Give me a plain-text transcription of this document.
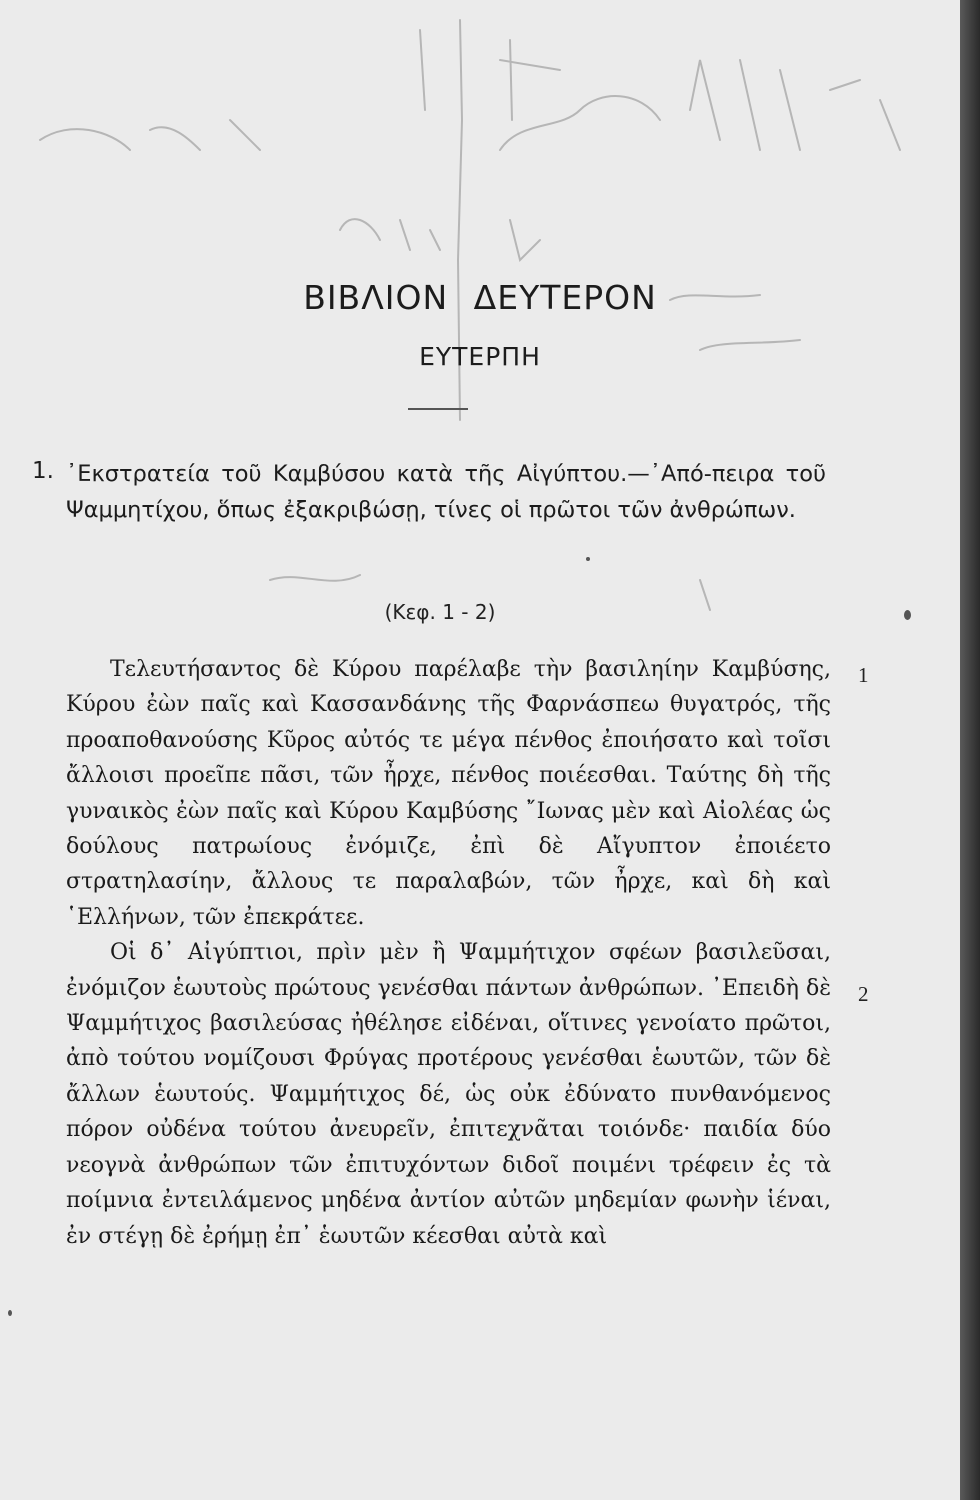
ΒΙΒΛΙΟΝ ΔΕΥΤΕΡΟΝ
ΕΥΤΕΡΠΗ
1. ᾿Εκστρατεία τοῦ Καμβύσου κατὰ τῆς Αἰγύπτου.—᾿Από-πειρα τοῦ Ψαμμητίχου, ὅπως ἐξακριβώσῃ, τίνες οἱ πρῶτοι τῶν ἀνθρώπων.
(Κεφ. 1 - 2)

Τελευτήσαντος δὲ Κύρου παρέλαβε τὴν βασιληίην Καμβύσης, Κύρου ἐὼν παῖς καὶ Κασσανδάνης τῆς Φαρνάσπεω θυγατρός, τῆς προαποθανούσης Κῦρος αὐτός τε μέγα πένθος ἐποιήσατο καὶ τοῖσι ἄλλοισι προεῖπε πᾶσι, τῶν ἦρχε, πένθος ποιέεσθαι. Ταύτης δὴ τῆς γυναικὸς ἐὼν παῖς καὶ Κύρου Καμβύσης ῎Ιωνας μὲν καὶ Αἰολέας ὡς δούλους πατρωίους ἐνόμιζε, ἐπὶ δὲ Αἴγυπτον ἐποιέετο στρατηλασίην, ἄλλους τε παραλαβών, τῶν ἦρχε, καὶ δὴ καὶ ῾Ελλήνων, τῶν ἐπεκράτεε.

Οἱ δ᾽ Αἰγύπτιοι, πρὶν μὲν ἢ Ψαμμήτιχον σφέων βασιλεῦσαι, ἐνόμιζον ἑωυτοὺς πρώτους γενέσθαι πάντων ἀνθρώπων. ᾿Επειδὴ δὲ Ψαμμήτιχος βασιλεύσας ἠθέλησε εἰδέναι, οἵτινες γενοίατο πρῶτοι, ἀπὸ τούτου νομίζουσι Φρύγας προτέρους γενέσθαι ἑωυτῶν, τῶν δὲ ἄλλων ἑωυτούς. Ψαμμήτιχος δέ, ὡς οὐκ ἐδύνατο πυνθανόμενος πόρον οὐδένα τούτου ἀνευρεῖν, ἐπιτεχνᾶται τοιόνδε· παιδία δύο νεογνὰ ἀνθρώπων τῶν ἐπιτυχόντων διδοῖ ποιμένι τρέφειν ἐς τὰ ποίμνια ἐντειλάμενος μηδένα ἀντίον αὐτῶν μηδεμίαν φωνὴν ἱέναι, ἐν στέγῃ δὲ ἐρήμῃ ἐπ᾽ ἑωυτῶν κέεσθαι αὐτὰ καὶ

1
2
